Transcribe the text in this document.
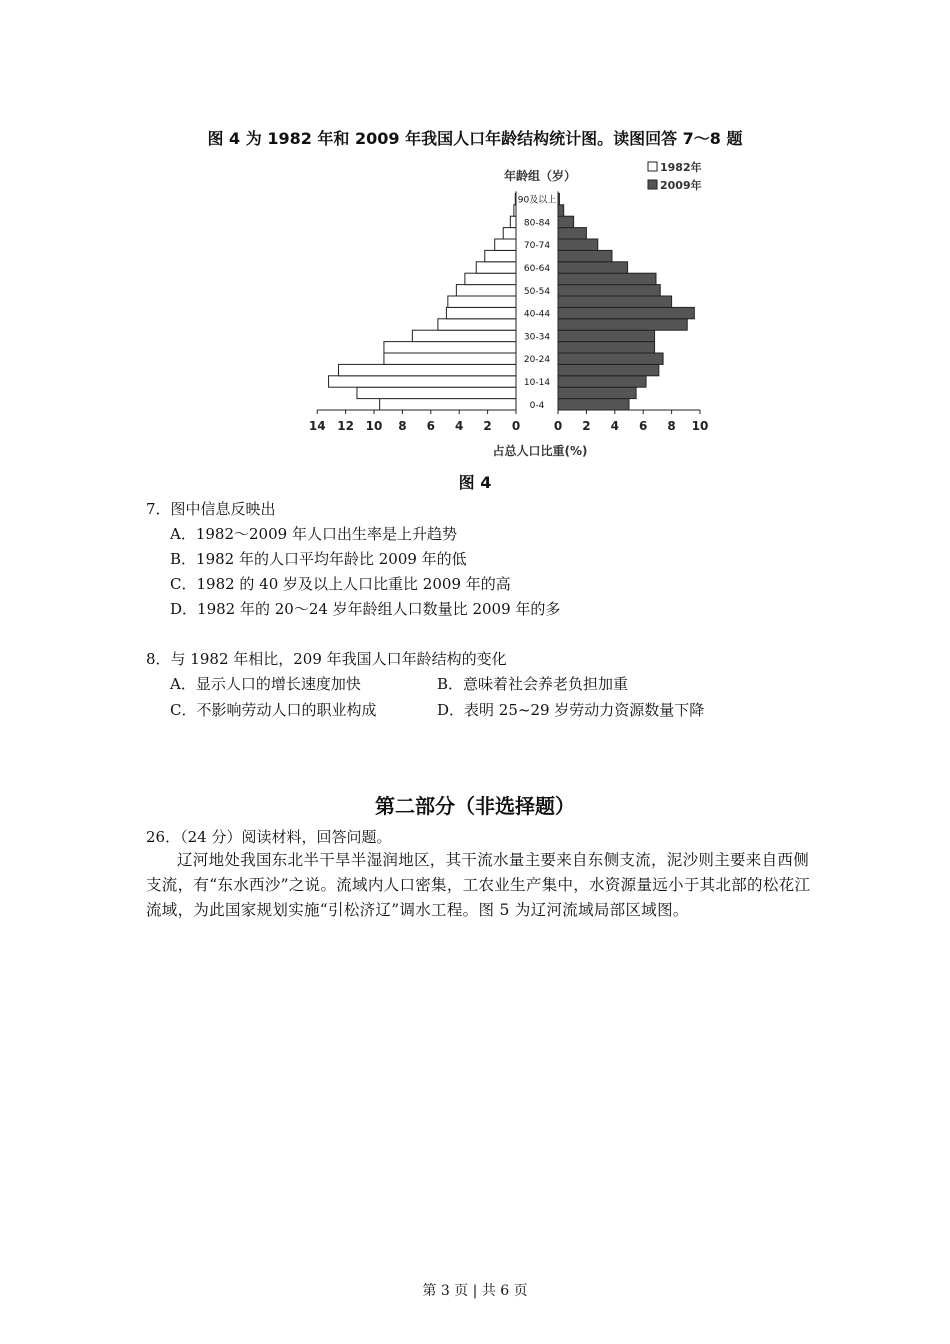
图 4 为 1982 年和 2009 年我国人口年龄结构统计图。读图回答 7～8 题
0-4
10-14
20-24
30-34
40-44
50-54
60-64
70-74
80-84
90及以上
14 12 10 8 6 4 2 0	0 2 4 6 8 10
年龄组（岁）
占总人口比重(%)
1982年
2009年
图 4
7．图中信息反映出
A．1982～2009 年人口出生率是上升趋势
B．1982 年的人口平均年龄比 2009 年的低
C．1982 的 40 岁及以上人口比重比 2009 年的高
D．1982 年的 20～24 岁年龄组人口数量比 2009 年的多
8．与 1982 年相比，209 年我国人口年龄结构的变化
A．显示人口的增长速度加快	B．意味着社会养老负担加重
C．不影响劳动人口的职业构成	D．表明 25~29 岁劳动力资源数量下降
第二部分（非选择题）
26．（24 分）阅读材料，回答问题。
辽河地处我国东北半干旱半湿润地区，其干流水量主要来自东侧支流，泥沙则主要来自西侧支流，有“东水西沙”之说。流域内人口密集，工农业生产集中，水资源量远小于其北部的松花江流域，为此国家规划实施“引松济辽”调水工程。图 5 为辽河流域局部区域图。
第 3 页 | 共 6 页
